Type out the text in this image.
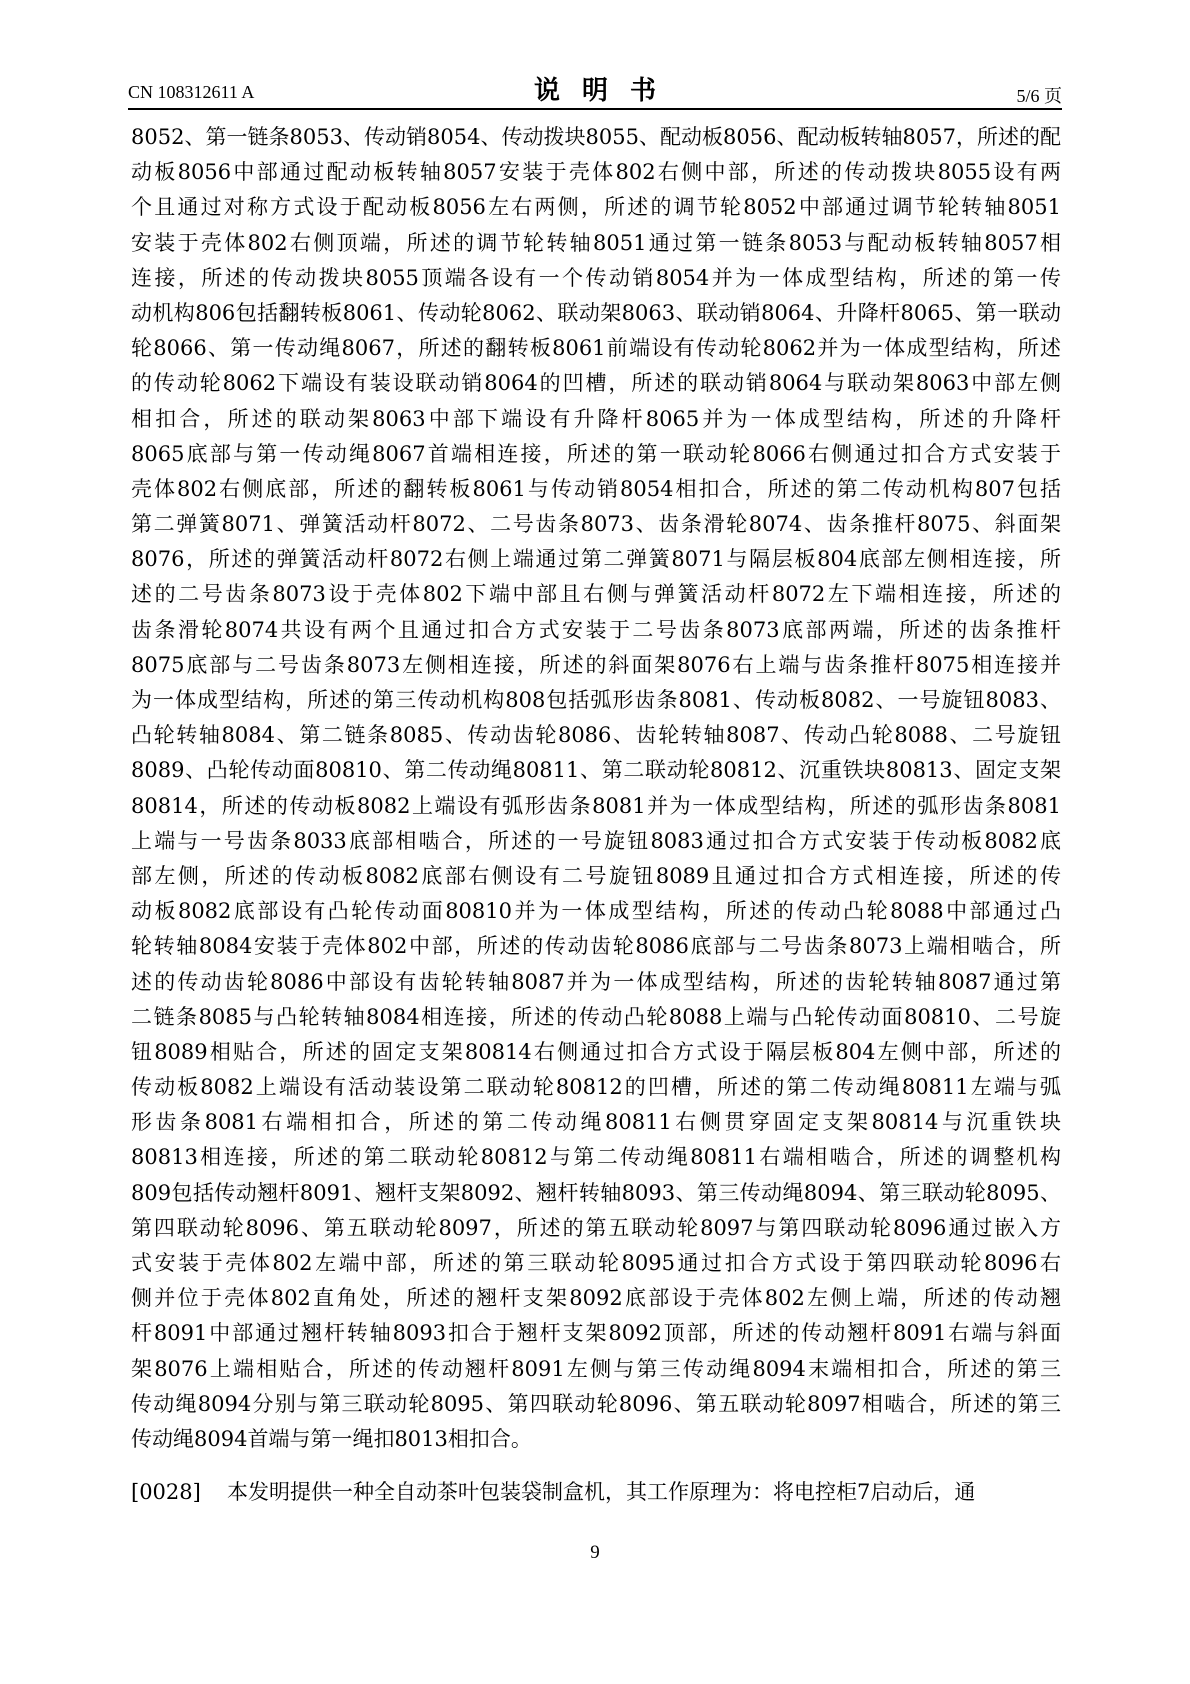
CN 108312611 A	说明书	5/6 页
8052、第一链条8053、传动销8054、传动拨块8055、配动板8056、配动板转轴8057，所述的配
动板8056中部通过配动板转轴8057安装于壳体802右侧中部，所述的传动拨块8055设有两
个且通过对称方式设于配动板8056左右两侧，所述的调节轮8052中部通过调节轮转轴8051
安装于壳体802右侧顶端，所述的调节轮转轴8051通过第一链条8053与配动板转轴8057相
连接，所述的传动拨块8055顶端各设有一个传动销8054并为一体成型结构，所述的第一传
动机构806包括翻转板8061、传动轮8062、联动架8063、联动销8064、升降杆8065、第一联动
轮8066、第一传动绳8067，所述的翻转板8061前端设有传动轮8062并为一体成型结构，所述
的传动轮8062下端设有装设联动销8064的凹槽，所述的联动销8064与联动架8063中部左侧
相扣合，所述的联动架8063中部下端设有升降杆8065并为一体成型结构，所述的升降杆
8065底部与第一传动绳8067首端相连接，所述的第一联动轮8066右侧通过扣合方式安装于
壳体802右侧底部，所述的翻转板8061与传动销8054相扣合，所述的第二传动机构807包括
第二弹簧8071、弹簧活动杆8072、二号齿条8073、齿条滑轮8074、齿条推杆8075、斜面架
8076，所述的弹簧活动杆8072右侧上端通过第二弹簧8071与隔层板804底部左侧相连接，所
述的二号齿条8073设于壳体802下端中部且右侧与弹簧活动杆8072左下端相连接，所述的
齿条滑轮8074共设有两个且通过扣合方式安装于二号齿条8073底部两端，所述的齿条推杆
8075底部与二号齿条8073左侧相连接，所述的斜面架8076右上端与齿条推杆8075相连接并
为一体成型结构，所述的第三传动机构808包括弧形齿条8081、传动板8082、一号旋钮8083、
凸轮转轴8084、第二链条8085、传动齿轮8086、齿轮转轴8087、传动凸轮8088、二号旋钮
8089、凸轮传动面80810、第二传动绳80811、第二联动轮80812、沉重铁块80813、固定支架
80814，所述的传动板8082上端设有弧形齿条8081并为一体成型结构，所述的弧形齿条8081
上端与一号齿条8033底部相啮合，所述的一号旋钮8083通过扣合方式安装于传动板8082底
部左侧，所述的传动板8082底部右侧设有二号旋钮8089且通过扣合方式相连接，所述的传
动板8082底部设有凸轮传动面80810并为一体成型结构，所述的传动凸轮8088中部通过凸
轮转轴8084安装于壳体802中部，所述的传动齿轮8086底部与二号齿条8073上端相啮合，所
述的传动齿轮8086中部设有齿轮转轴8087并为一体成型结构，所述的齿轮转轴8087通过第
二链条8085与凸轮转轴8084相连接，所述的传动凸轮8088上端与凸轮传动面80810、二号旋
钮8089相贴合，所述的固定支架80814右侧通过扣合方式设于隔层板804左侧中部，所述的
传动板8082上端设有活动装设第二联动轮80812的凹槽，所述的第二传动绳80811左端与弧
形齿条8081右端相扣合，所述的第二传动绳80811右侧贯穿固定支架80814与沉重铁块
80813相连接，所述的第二联动轮80812与第二传动绳80811右端相啮合，所述的调整机构
809包括传动翘杆8091、翘杆支架8092、翘杆转轴8093、第三传动绳8094、第三联动轮8095、
第四联动轮8096、第五联动轮8097，所述的第五联动轮8097与第四联动轮8096通过嵌入方
式安装于壳体802左端中部，所述的第三联动轮8095通过扣合方式设于第四联动轮8096右
侧并位于壳体802直角处，所述的翘杆支架8092底部设于壳体802左侧上端，所述的传动翘
杆8091中部通过翘杆转轴8093扣合于翘杆支架8092顶部，所述的传动翘杆8091右端与斜面
架8076上端相贴合，所述的传动翘杆8091左侧与第三传动绳8094末端相扣合，所述的第三
传动绳8094分别与第三联动轮8095、第四联动轮8096、第五联动轮8097相啮合，所述的第三
传动绳8094首端与第一绳扣8013相扣合。
[0028] 本发明提供一种全自动茶叶包装袋制盒机，其工作原理为：将电控柜7启动后，通
9
